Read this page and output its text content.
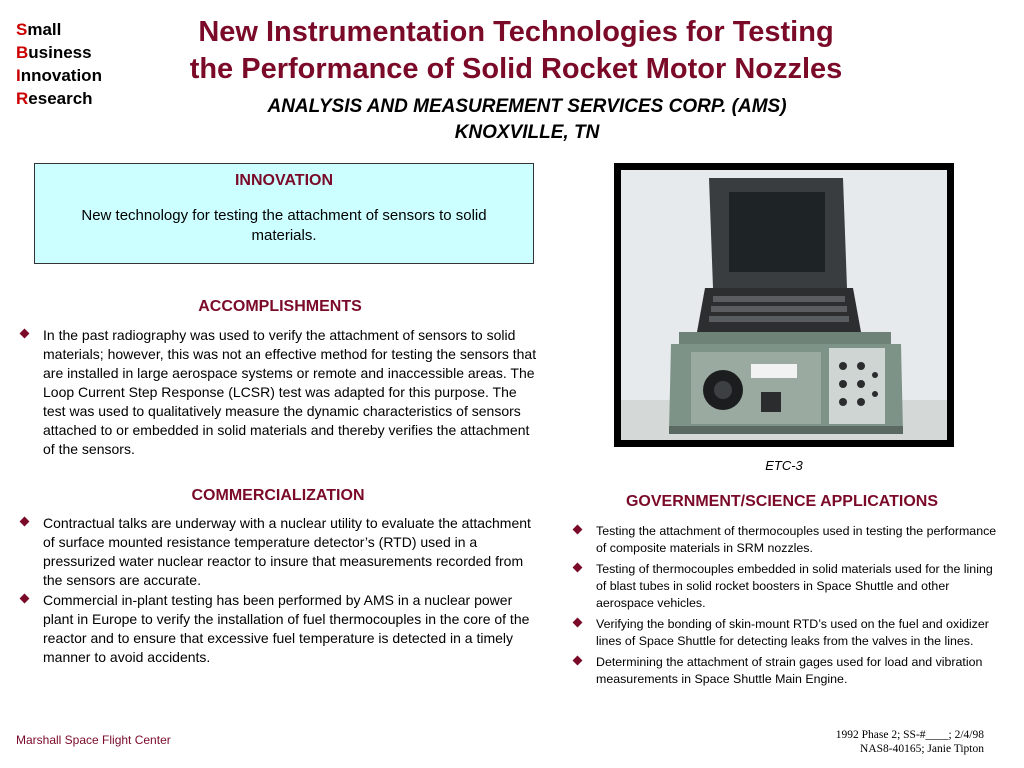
Small
Business
Innovation
Research
New Instrumentation Technologies for Testing
the Performance of Solid Rocket Motor Nozzles
ANALYSIS AND MEASUREMENT SERVICES CORP. (AMS)
KNOXVILLE, TN
INNOVATION
New technology for testing the attachment of sensors to solid materials.
ACCOMPLISHMENTS
In the past radiography was used to verify the attachment of sensors to solid materials; however, this was not an effective method for testing the sensors that are installed in large aerospace systems or remote and inaccessible areas. The Loop Current Step Response (LCSR) test was adapted for this purpose. The test was used to qualitatively measure the dynamic characteristics of sensors attached to or embedded in solid materials and thereby verifies the attachment of the sensors.
COMMERCIALIZATION
Contractual talks are underway with a nuclear utility to evaluate the attachment of surface mounted resistance temperature detector’s (RTD) used in a pressurized water nuclear reactor to insure that measurements recorded from the sensors are accurate.
Commercial in-plant testing has been performed by AMS in a nuclear power plant in Europe to verify the installation of fuel thermocouples in the core of the reactor and to ensure that excessive fuel temperature is detected in a timely manner to avoid accidents.
ETC-3
GOVERNMENT/SCIENCE APPLICATIONS
Testing the attachment of thermocouples used in testing the performance of composite materials in SRM nozzles.
Testing of thermocouples embedded in solid materials used for the lining of blast tubes in solid rocket boosters in Space Shuttle and other aerospace vehicles.
Verifying the bonding of skin-mount RTD’s used on the fuel and oxidizer lines of Space Shuttle for detecting leaks from the valves in the lines.
Determining the attachment of strain gages used for load and vibration measurements in Space Shuttle Main Engine.
Marshall Space Flight Center	1992 Phase 2; SS-#____; 2/4/98
NAS8-40165; Janie Tipton
